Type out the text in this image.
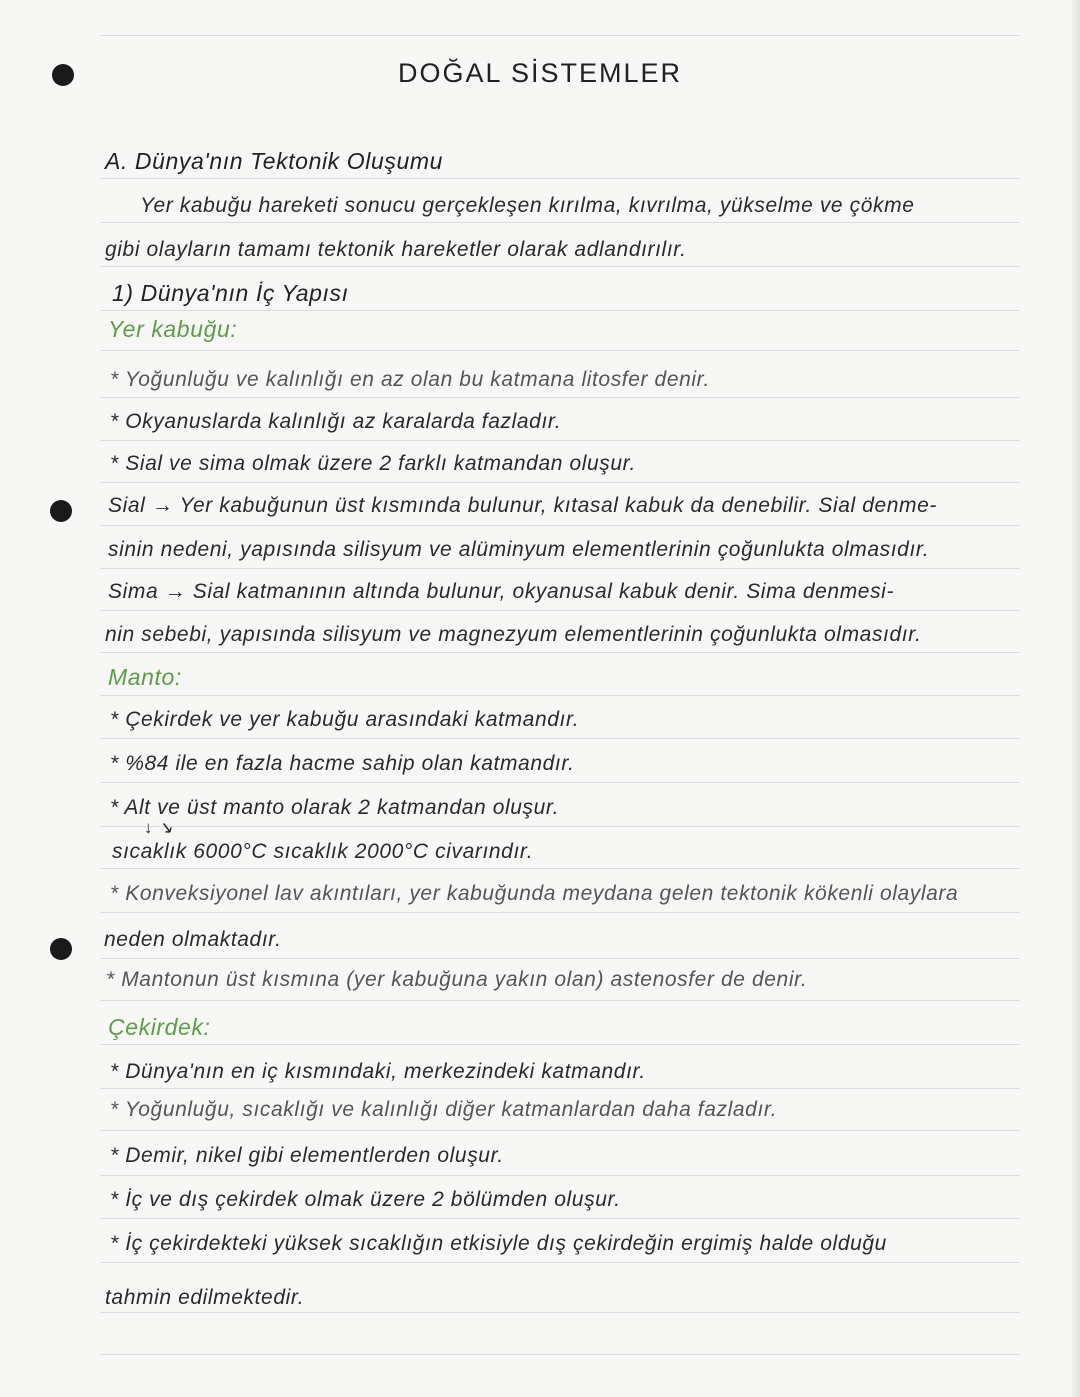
DOĞAL SİSTEMLER
A. Dünya'nın Tektonik Oluşumu
Yer kabuğu hareketi sonucu gerçekleşen kırılma, kıvrılma, yükselme ve çökme
gibi olayların tamamı tektonik hareketler olarak adlandırılır.
1) Dünya'nın İç Yapısı
Yer kabuğu:
* Yoğunluğu ve kalınlığı en az olan bu katmana litosfer denir.
* Okyanuslarda kalınlığı az karalarda fazladır.
* Sial ve sima olmak üzere 2 farklı katmandan oluşur.
Sial → Yer kabuğunun üst kısmında bulunur, kıtasal kabuk da denebilir. Sial denme-
sinin nedeni, yapısında silisyum ve alüminyum elementlerinin çoğunlukta olmasıdır.
Sima → Sial katmanının altında bulunur, okyanusal kabuk denir. Sima denmesi-
nin sebebi, yapısında silisyum ve magnezyum elementlerinin çoğunlukta olmasıdır.
Manto:
* Çekirdek ve yer kabuğu arasındaki katmandır.
* %84 ile en fazla hacme sahip olan katmandır.
* Alt ve üst manto olarak 2 katmandan oluşur.
↓ ↘
sıcaklık 6000°C sıcaklık 2000°C civarındır.
* Konveksiyonel lav akıntıları, yer kabuğunda meydana gelen tektonik kökenli olaylara
neden olmaktadır.
* Mantonun üst kısmına (yer kabuğuna yakın olan) astenosfer de denir.
Çekirdek:
* Dünya'nın en iç kısmındaki, merkezindeki katmandır.
* Yoğunluğu, sıcaklığı ve kalınlığı diğer katmanlardan daha fazladır.
* Demir, nikel gibi elementlerden oluşur.
* İç ve dış çekirdek olmak üzere 2 bölümden oluşur.
* İç çekirdekteki yüksek sıcaklığın etkisiyle dış çekirdeğin ergimiş halde olduğu
tahmin edilmektedir.
